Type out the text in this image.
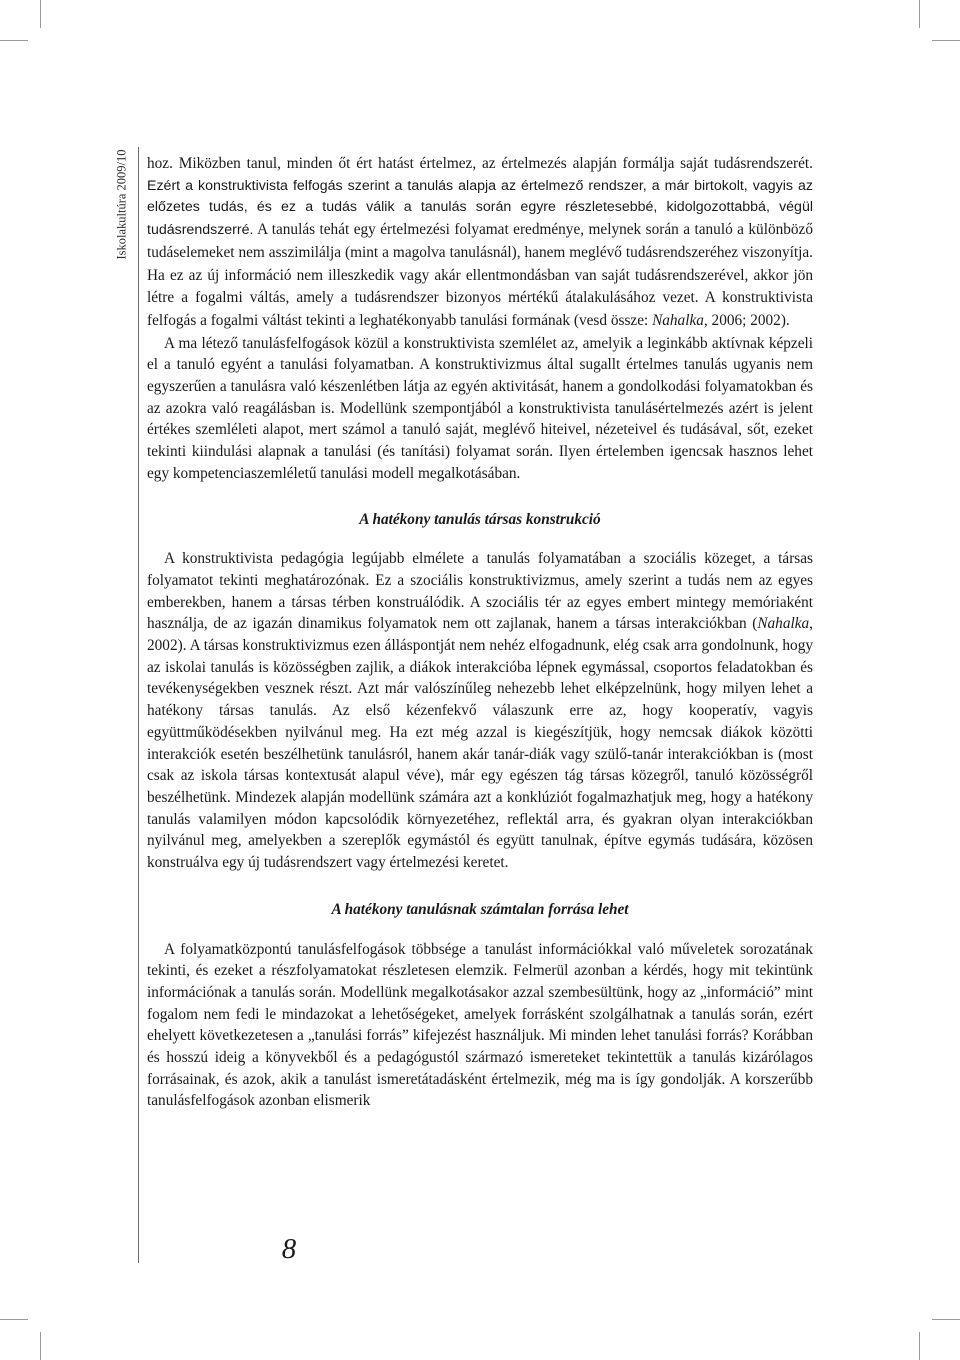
Iskolakultúra 2009/10 hoz. Miközben tanul, minden őt ért hatást értelmez, az értelmezés alapján formálja saját tudásrendszerét. Ezért a konstruktivista felfogás szerint a tanulás alapja az értelmező rendszer, a már birtokolt, vagyis az előzetes tudás, és ez a tudás válik a tanulás során egyre részletesebbé, kidolgozottabbá, végül tudásrendszerré. A tanulás tehát egy értelmezési folyamat eredménye, melynek során a tanuló a különböző tudáselemeket nem asszimilálja (mint a magolva tanulásnál), hanem meglévő tudásrendszeréhez viszonyítja. Ha ez az új információ nem illeszkedik vagy akár ellentmondásban van saját tudásrendszerével, akkor jön létre a fogalmi váltás, amely a tudásrendszer bizonyos mértékű átalakulásához vezet. A konstruktivista felfogás a fogalmi váltást tekinti a leghatékonyabb tanulási formának (vesd össze: Nahalka, 2006; 2002).

A ma létező tanulásfelfogások közül a konstruktivista szemlélet az, amelyik a leginkább aktívnak képzeli el a tanuló egyént a tanulási folyamatban. A konstruktivizmus által sugallt értelmes tanulás ugyanis nem egyszerűen a tanulásra való készenlétben látja az egyén aktivitását, hanem a gondolkodási folyamatokban és az azokra való reagálásban is. Modellünk szempontjából a konstruktivista tanulásértelmezés azért is jelent értékes szemléleti alapot, mert számol a tanuló saját, meglévő hiteivel, nézeteivel és tudásával, sőt, ezeket tekinti kiindulási alapnak a tanulási (és tanítási) folyamat során. Ilyen értelemben igencsak hasznos lehet egy kompetenciaszemléletű tanulási modell megalkotásában.

A hatékony tanulás társas konstrukció

A konstruktivista pedagógia legújabb elmélete a tanulás folyamatában a szociális közeget, a társas folyamatot tekinti meghatározónak. Ez a szociális konstruktivizmus, amely szerint a tudás nem az egyes emberekben, hanem a társas térben konstruálódik. A szociális tér az egyes embert mintegy memóriaként használja, de az igazán dinamikus folyamatok nem ott zajlanak, hanem a társas interakciókban (Nahalka, 2002). A társas konstruktivizmus ezen álláspontját nem nehéz elfogadnunk, elég csak arra gondolnunk, hogy az iskolai tanulás is közösségben zajlik, a diákok interakcióba lépnek egymással, csoportos feladatokban és tevékenységekben vesznek részt. Azt már valószínűleg nehezebb lehet elképzelnünk, hogy milyen lehet a hatékony társas tanulás. Az első kézenfekvő válaszunk erre az, hogy kooperatív, vagyis együttműködésekben nyilvánul meg. Ha ezt még azzal is kiegészítjük, hogy nemcsak diákok közötti interakciók esetén beszélhetünk tanulásról, hanem akár tanár-diák vagy szülő-tanár interakciókban is (most csak az iskola társas kontextusát alapul véve), már egy egészen tág társas közegről, tanuló közösségről beszélhetünk. Mindezek alapján modellünk számára azt a konklúziót fogalmazhatjuk meg, hogy a hatékony tanulás valamilyen módon kapcsolódik környezetéhez, reflektál arra, és gyakran olyan interakciókban nyilvánul meg, amelyekben a szereplők egymástól és együtt tanulnak, építve egymás tudására, közösen konstruálva egy új tudásrendszert vagy értelmezési keretet.

A hatékony tanulásnak számtalan forrása lehet

A folyamatközpontú tanulásfelfogások többsége a tanulást információkkal való műveletek sorozatának tekinti, és ezeket a részfolyamatokat részletesen elemzik. Felmerül azonban a kérdés, hogy mit tekintünk információnak a tanulás során. Modellünk megalkotásakor azzal szembesültünk, hogy az „információ” mint fogalom nem fedi le mindazokat a lehetőségeket, amelyek forrásként szolgálhatnak a tanulás során, ezért ehelyett következetesen a „tanulási forrás” kifejezést használjuk. Mi minden lehet tanulási forrás? Korábban és hosszú ideig a könyvekből és a pedagógustól származó ismereteket tekintettük a tanulás kizárólagos forrásainak, és azok, akik a tanulást ismeretátadásként értelmezik, még ma is így gondolják. A korszerűbb tanulásfelfogások azonban elismerik

8
